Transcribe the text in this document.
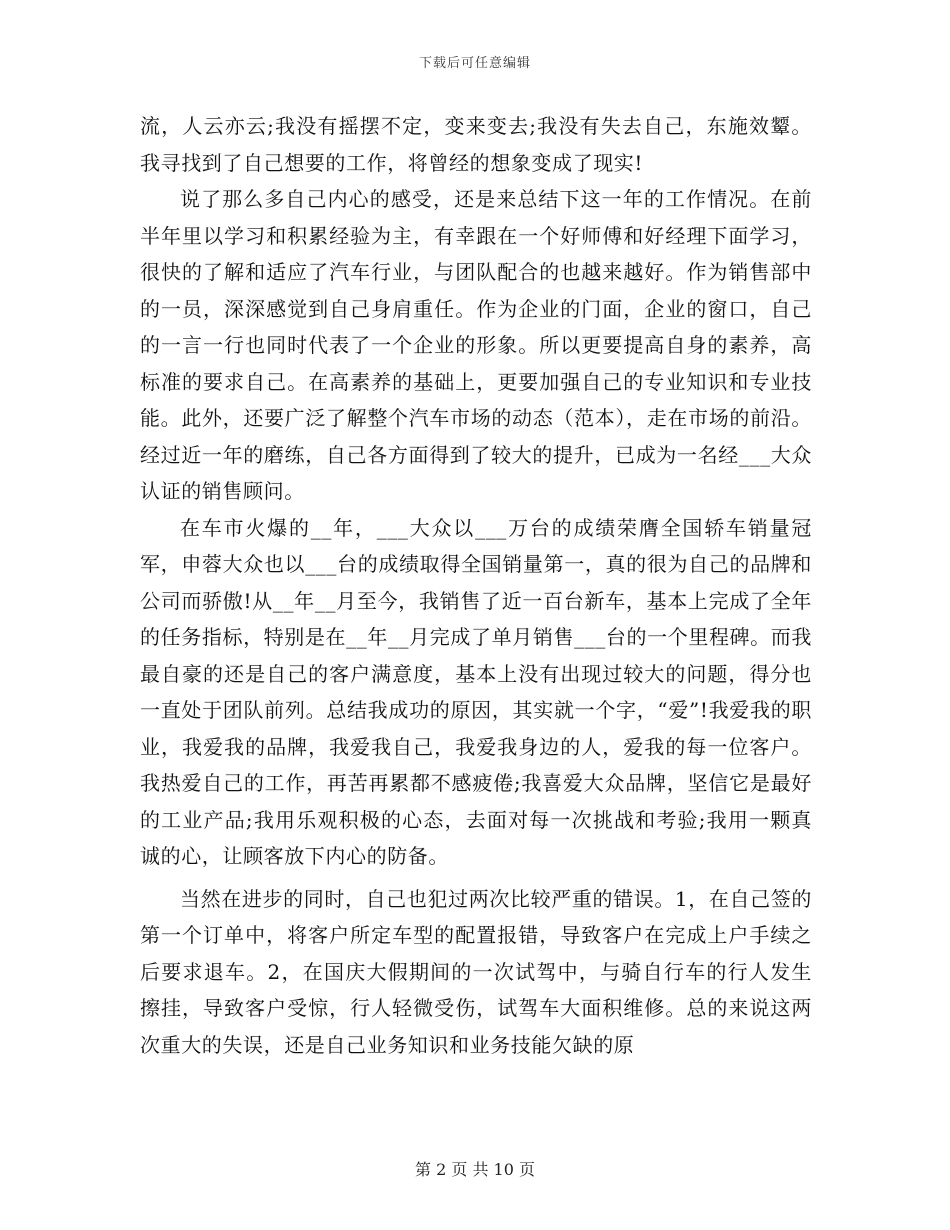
下载后可任意编辑

流，人云亦云;我没有摇摆不定，变来变去;我没有失去自己，东施效颦。我寻找到了自己想要的工作，将曾经的想象变成了现实!

说了那么多自己内心的感受，还是来总结下这一年的工作情况。在前半年里以学习和积累经验为主，有幸跟在一个好师傅和好经理下面学习，很快的了解和适应了汽车行业，与团队配合的也越来越好。作为销售部中的一员，深深感觉到自己身肩重任。作为企业的门面，企业的窗口，自己的一言一行也同时代表了一个企业的形象。所以更要提高自身的素养，高标准的要求自己。在高素养的基础上，更要加强自己的专业知识和专业技能。此外，还要广泛了解整个汽车市场的动态（范本），走在市场的前沿。经过近一年的磨练，自己各方面得到了较大的提升，已成为一名经___大众认证的销售顾问。

在车市火爆的__年，___大众以___万台的成绩荣膺全国轿车销量冠军，申蓉大众也以___台的成绩取得全国销量第一，真的很为自己的品牌和公司而骄傲!从__年__月至今，我销售了近一百台新车，基本上完成了全年的任务指标，特别是在__年__月完成了单月销售___台的一个里程碑。而我最自豪的还是自己的客户满意度，基本上没有出现过较大的问题，得分也一直处于团队前列。总结我成功的原因，其实就一个字，“爱”!我爱我的职业，我爱我的品牌，我爱我自己，我爱我身边的人，爱我的每一位客户。我热爱自己的工作，再苦再累都不感疲倦;我喜爱大众品牌，坚信它是最好的工业产品;我用乐观积极的心态，去面对每一次挑战和考验;我用一颗真诚的心，让顾客放下内心的防备。

当然在进步的同时，自己也犯过两次比较严重的错误。1，在自己签的第一个订单中，将客户所定车型的配置报错，导致客户在完成上户手续之后要求退车。2，在国庆大假期间的一次试驾中，与骑自行车的行人发生擦挂，导致客户受惊，行人轻微受伤，试驾车大面积维修。总的来说这两次重大的失误，还是自己业务知识和业务技能欠缺的原

第 2 页 共 10 页
